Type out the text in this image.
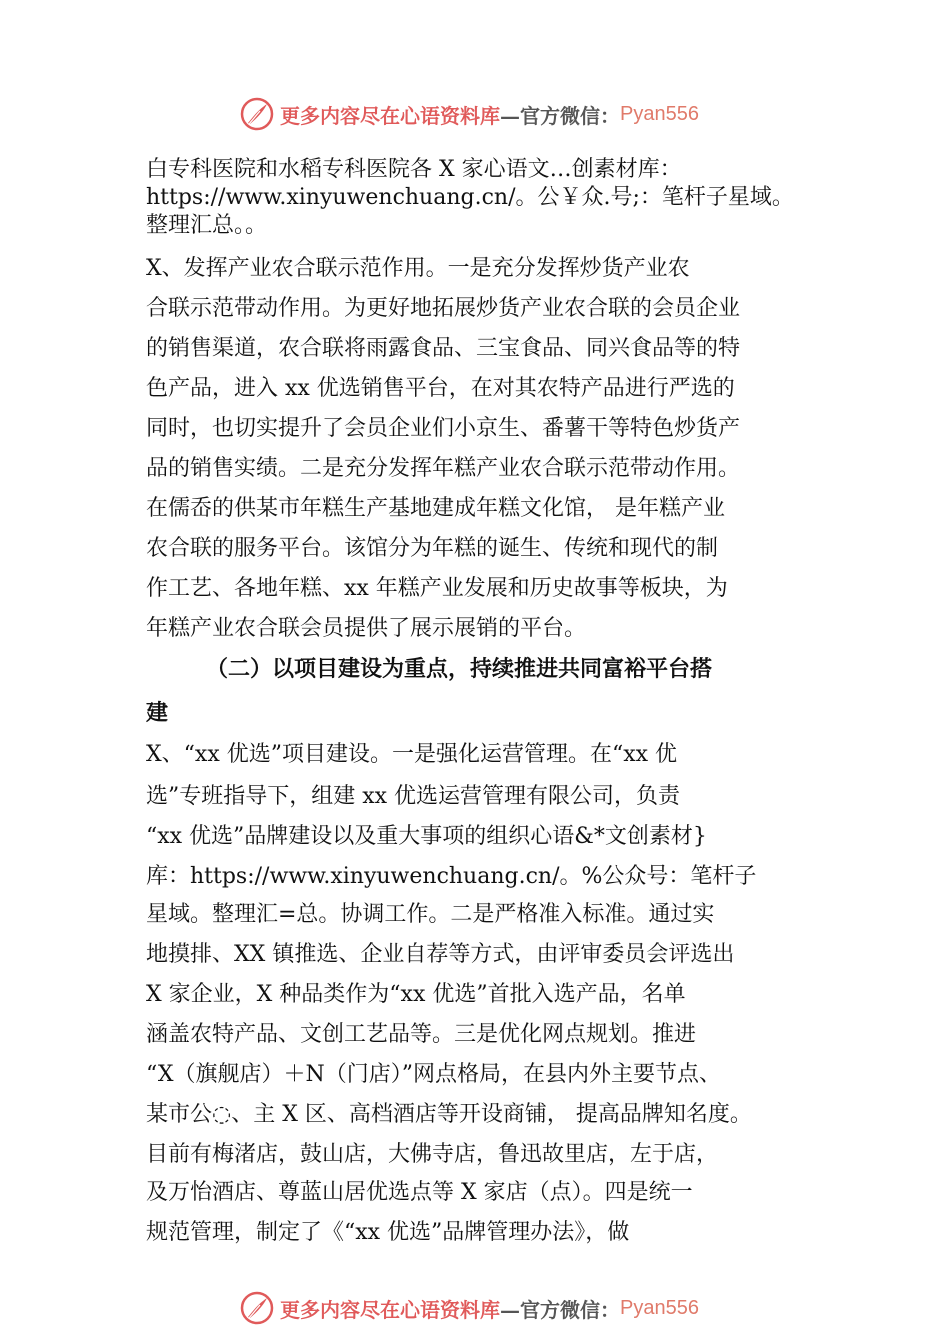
更多内容尽在心语资料库 —官方微信： Pyan556

白专科医院和水稻专科医院各 X 家心语文…创素材库：

https://www.xinyuwenchuang.cn/。公￥众.号;：笔杆子星域。

整理汇总。。

X、发挥产业农合联示范作用。一是充分发挥炒货产业农

合联示范带动作用。为更好地拓展炒货产业农合联的会员企业

的销售渠道，农合联将雨露食品、三宝食品、同兴食品等的特

色产品，进入 xx 优选销售平台，在对其农特产品进行严选的

同时，也切实提升了会员企业们小京生、番薯干等特色炒货产

品的销售实绩。二是充分发挥年糕产业农合联示范带动作用。

在儒岙的供某市年糕生产基地建成年糕文化馆， 是年糕产业

农合联的服务平台。该馆分为年糕的诞生、传统和现代的制

作工艺、各地年糕、xx 年糕产业发展和历史故事等板块，为

年糕产业农合联会员提供了展示展销的平台。

（二）以项目建设为重点，持续推进共同富裕平台搭

建

X、“xx 优选”项目建设。一是强化运营管理。在“xx 优

选”专班指导下，组建 xx 优选运营管理有限公司，负责

“xx 优选”品牌建设以及重大事项的组织心语&*文创素材}

库：https://www.xinyuwenchuang.cn/。%公众号：笔杆子

星域。整理汇=总。协调工作。二是严格准入标准。通过实

地摸排、XX 镇推选、企业自荐等方式，由评审委员会评选出

X 家企业，X 种品类作为“xx 优选”首批入选产品，名单

涵盖农特产品、文创工艺品等。三是优化网点规划。推进

“X（旗舰店）＋N（门店）”网点格局，在县内外主要节点、

某市公◌、主 X 区、高档酒店等开设商铺， 提高品牌知名度。

目前有梅渚店，鼓山店，大佛寺店，鲁迅故里店，左于店，

及万怡酒店、尊蓝山居优选点等 X 家店（点）。四是统一

规范管理，制定了《“xx 优选”品牌管理办法》，做

更多内容尽在心语资料库 —官方微信： Pyan556
